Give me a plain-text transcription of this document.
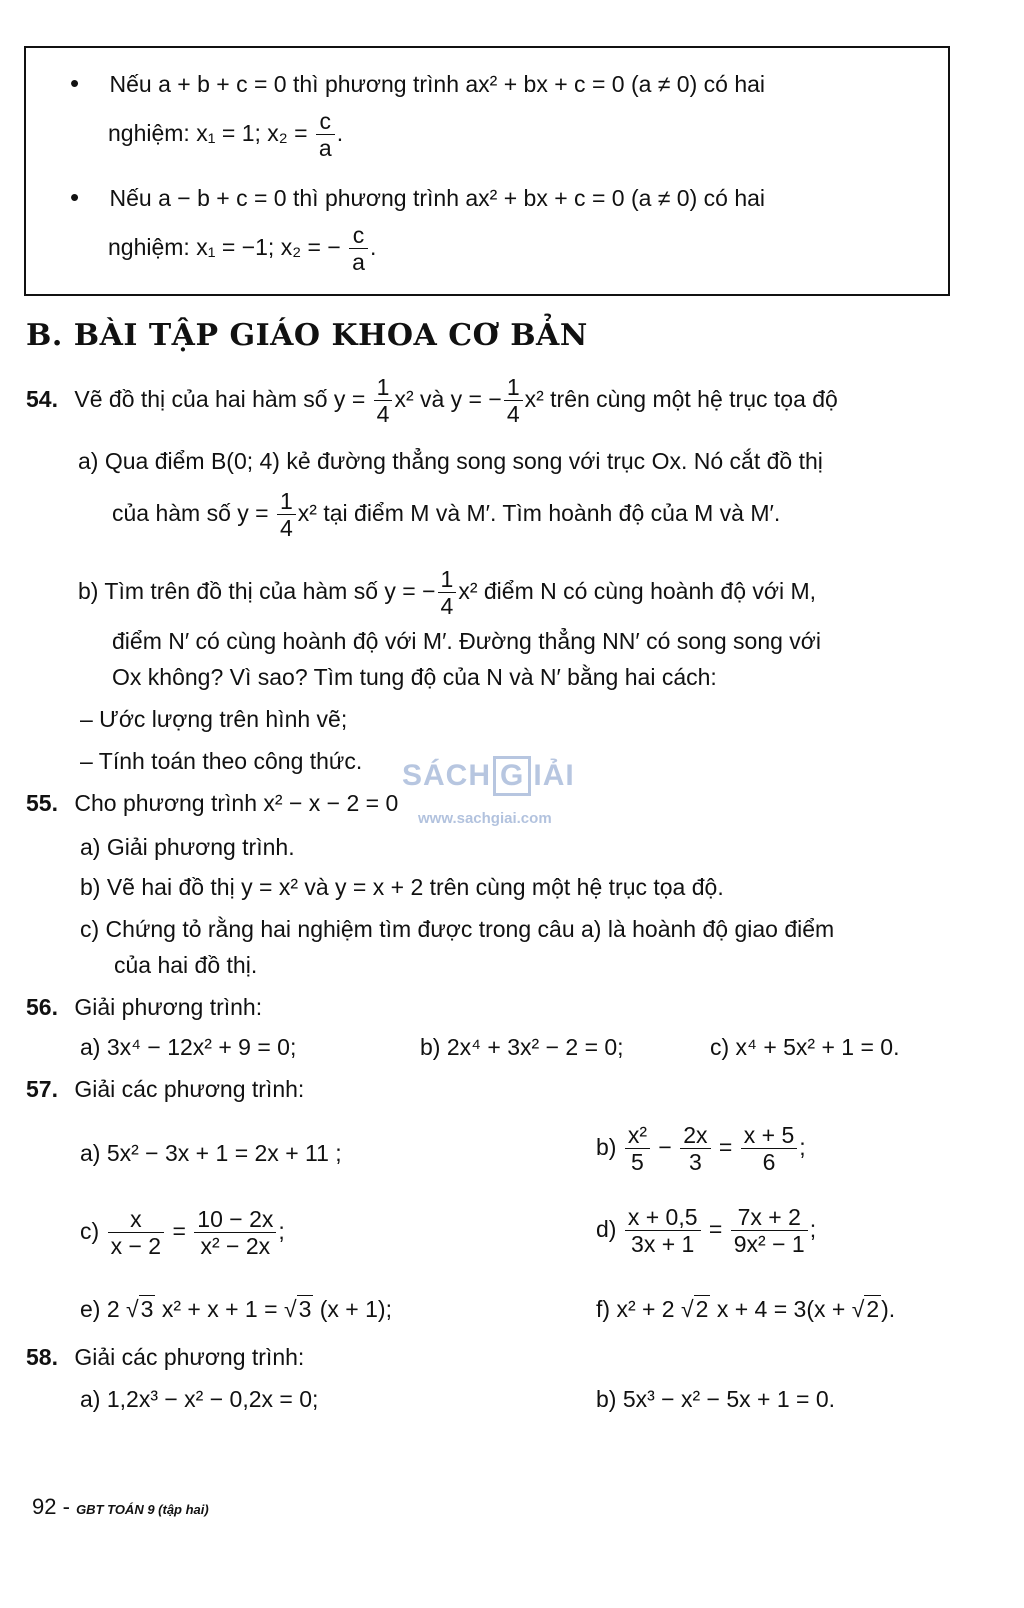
• Nếu a + b + c = 0 thì phương trình ax² + bx + c = 0 (a ≠ 0) có hai
nghiệm: x₁ = 1; $x_2 = \frac{c}{a}$ .
• Nếu a − b + c = 0 thì phương trình ax² + bx + c = 0 (a ≠ 0) có hai
nghiệm: x₁ = −1; x₂ = − $\frac{c}{a}$ .
B. BÀI TẬP GIÁO KHOA CƠ BẢN
54. Vẽ đồ thị của hai hàm số $y = \frac{1}{4} x^2$ và y = − $\frac{1}{4} x^2$ trên cùng một hệ trục tọa độ
a) Qua điểm B(0; 4) kẻ đường thẳng song song với trục Ox. Nó cắt đồ thị
của hàm số $y = \frac{1}{4} x^2$ tại điểm M và M′. Tìm hoành độ của M và M′.
b) Tìm trên đồ thị của hàm số y = − $\frac{1}{4} x^2$ điểm N có cùng hoành độ với M,
điểm N′ có cùng hoành độ với M′. Đường thẳng NN′ có song song với
Ox không? Vì sao? Tìm tung độ của N và N′ bằng hai cách:
– Ước lượng trên hình vẽ;
– Tính toán theo công thức. SÁCH G IẢI
www.sachgiai.com
55. Cho phương trình x² − x − 2 = 0
a) Giải phương trình.
b) Vẽ hai đồ thị y = x² và y = x + 2 trên cùng một hệ trục tọa độ.
c) Chứng tỏ rằng hai nghiệm tìm được trong câu a) là hoành độ giao điểm
của hai đồ thị.
56. Giải phương trình:
a) 3x⁴ − 12x² + 9 = 0;	b) 2x⁴ + 3x² − 2 = 0;	c) x⁴ + 5x² + 1 = 0.
57. Giải các phương trình:
a) 5x² − 3x + 1 = 2x + 11 ;	$b) \frac{\text{x²}}{5} - \frac{2x}{3} = \frac{x + 5}{6}$ ;
$c) \frac{x}{x - 2} = \frac{10 - 2x}{\text{x² − 2x}}$ ;	$d) \frac{x + 0,5}{3x + 1} = \frac{7x + 2}{\text{9x² − 1}}$ ;
e) 2 √3 x² + x + 1 = √3 (x + 1);	f) x² + 2 √2 x + 4 = 3(x + √2).
58. Giải các phương trình:
a) 1,2x³ − x² − 0,2x = 0;	b) 5x³ − x² − 5x + 1 = 0.
92 - GBT TOÁN 9 (tập hai)
